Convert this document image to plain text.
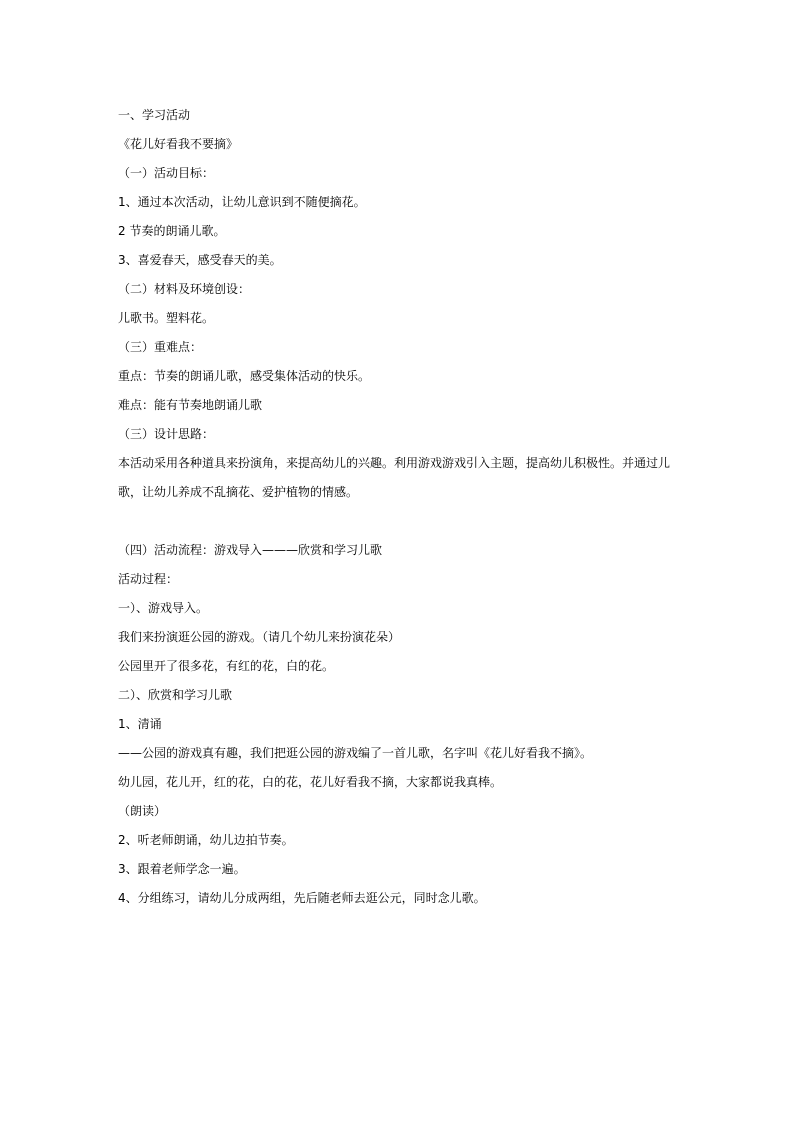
一、学习活动
《花儿好看我不要摘》
（一）活动目标：
1、通过本次活动，让幼儿意识到不随便摘花。
2 节奏的朗诵儿歌。
3、喜爱春天，感受春天的美。
（二）材料及环境创设：
儿歌书。塑料花。
（三）重难点：
重点：节奏的朗诵儿歌，感受集体活动的快乐。
难点：能有节奏地朗诵儿歌
（三）设计思路：
本活动采用各种道具来扮演角，来提高幼儿的兴趣。利用游戏游戏引入主题，提高幼儿积极性。并通过儿歌，让幼儿养成不乱摘花、爱护植物的情感。
（四）活动流程：游戏导入———欣赏和学习儿歌
活动过程：
一）、游戏导入。
我们来扮演逛公园的游戏。（请几个幼儿来扮演花朵）
公园里开了很多花，有红的花，白的花。
二）、欣赏和学习儿歌
1、清诵
——公园的游戏真有趣，我们把逛公园的游戏编了一首儿歌，名字叫《花儿好看我不摘》。
幼儿园，花儿开，红的花，白的花，花儿好看我不摘，大家都说我真棒。
（朗读）
2、听老师朗诵，幼儿边拍节奏。
3、跟着老师学念一遍。
4、分组练习，请幼儿分成两组，先后随老师去逛公元，同时念儿歌。
